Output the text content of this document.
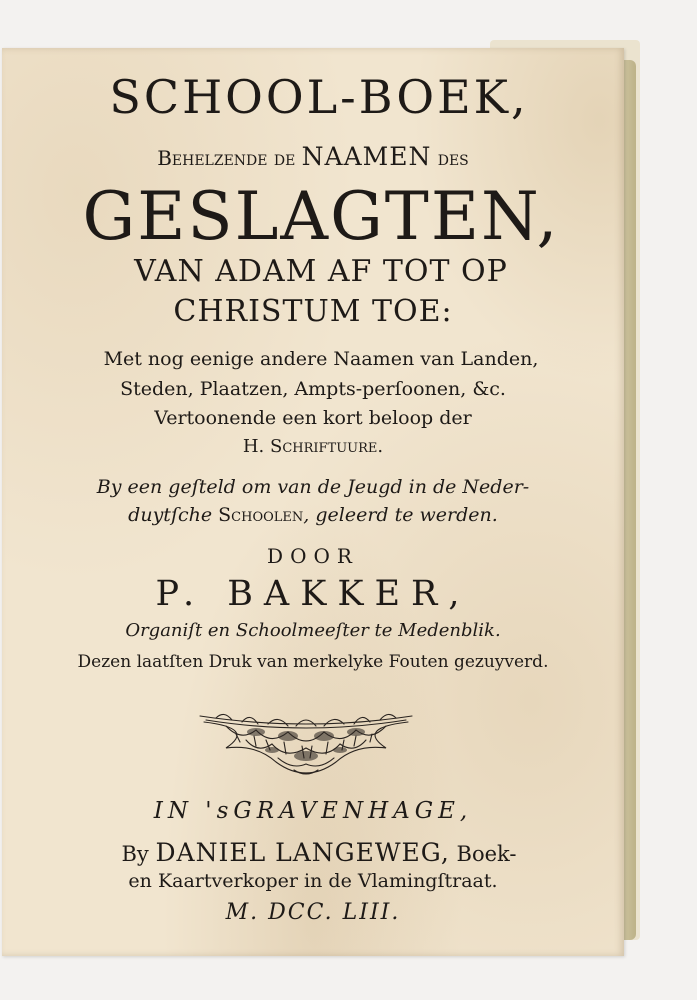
SCHOOL-BOEK,
Behelzende de NAAMEN des
GESLAGTEN,
VAN ADAM AF TOT OP
CHRISTUM TOE:
Met nog eenige andere Naamen van Landen,
Steden, Plaatzen, Ampts-perſoonen, &c.
Vertoonende een kort beloop der
H. Schriftuure.
By een geſteld om van de Jeugd in de Neder-
duytſche Schoolen, geleerd te werden.
DOOR
P. BAKKER,
Organiſt en Schoolmeeſter te Medenblik.
Dezen laatſten Druk van merkelyke Fouten gezuyverd.
IN 'sGRAVENHAGE,
By DANIEL LANGEWEG, Boek-
en Kaartverkoper in de Vlamingſtraat.
M. DCC. LIII.
